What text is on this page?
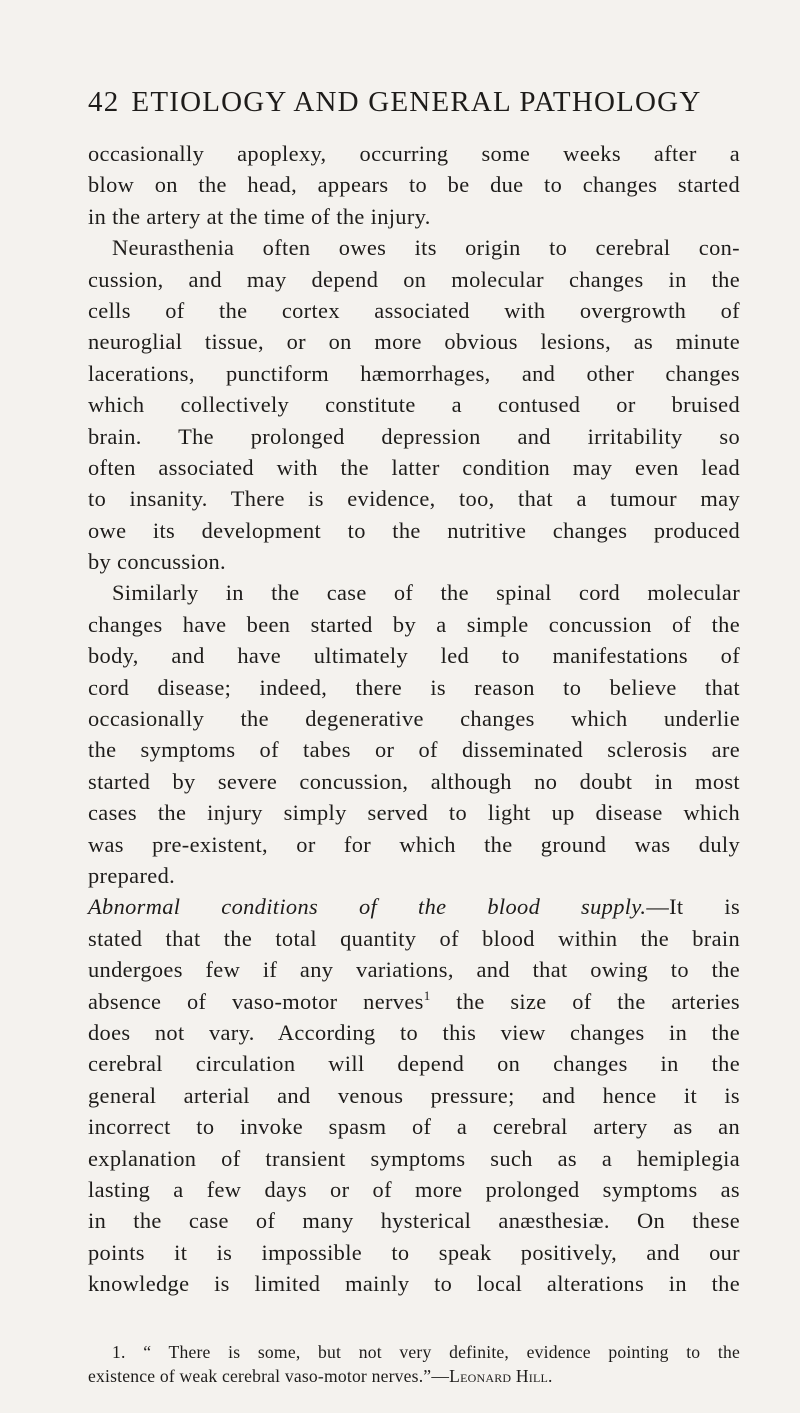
42 ETIOLOGY AND GENERAL PATHOLOGY
occasionally apoplexy, occurring some weeks after a
blow on the head, appears to be due to changes started
in the artery at the time of the injury.
Neurasthenia often owes its origin to cerebral con-
cussion, and may depend on molecular changes in the
cells of the cortex associated with overgrowth of
neuroglial tissue, or on more obvious lesions, as minute
lacerations, punctiform hæmorrhages, and other changes
which collectively constitute a contused or bruised
brain. The prolonged depression and irritability so
often associated with the latter condition may even lead
to insanity. There is evidence, too, that a tumour may
owe its development to the nutritive changes produced
by concussion.
Similarly in the case of the spinal cord molecular
changes have been started by a simple concussion of the
body, and have ultimately led to manifestations of
cord disease; indeed, there is reason to believe that
occasionally the degenerative changes which underlie
the symptoms of tabes or of disseminated sclerosis are
started by severe concussion, although no doubt in most
cases the injury simply served to light up disease which
was pre-existent, or for which the ground was duly
prepared.
Abnormal conditions of the blood supply.—It is
stated that the total quantity of blood within the brain
undergoes few if any variations, and that owing to the
absence of vaso-motor nerves$^1$ the size of the arteries
does not vary. According to this view changes in the
cerebral circulation will depend on changes in the
general arterial and venous pressure; and hence it is
incorrect to invoke spasm of a cerebral artery as an
explanation of transient symptoms such as a hemiplegia
lasting a few days or of more prolonged symptoms as
in the case of many hysterical anæsthesiæ. On these
points it is impossible to speak positively, and our
knowledge is limited mainly to local alterations in the
1. “ There is some, but not very definite, evidence pointing to the
existence of weak cerebral vaso-motor nerves.”—Leonard Hill.
